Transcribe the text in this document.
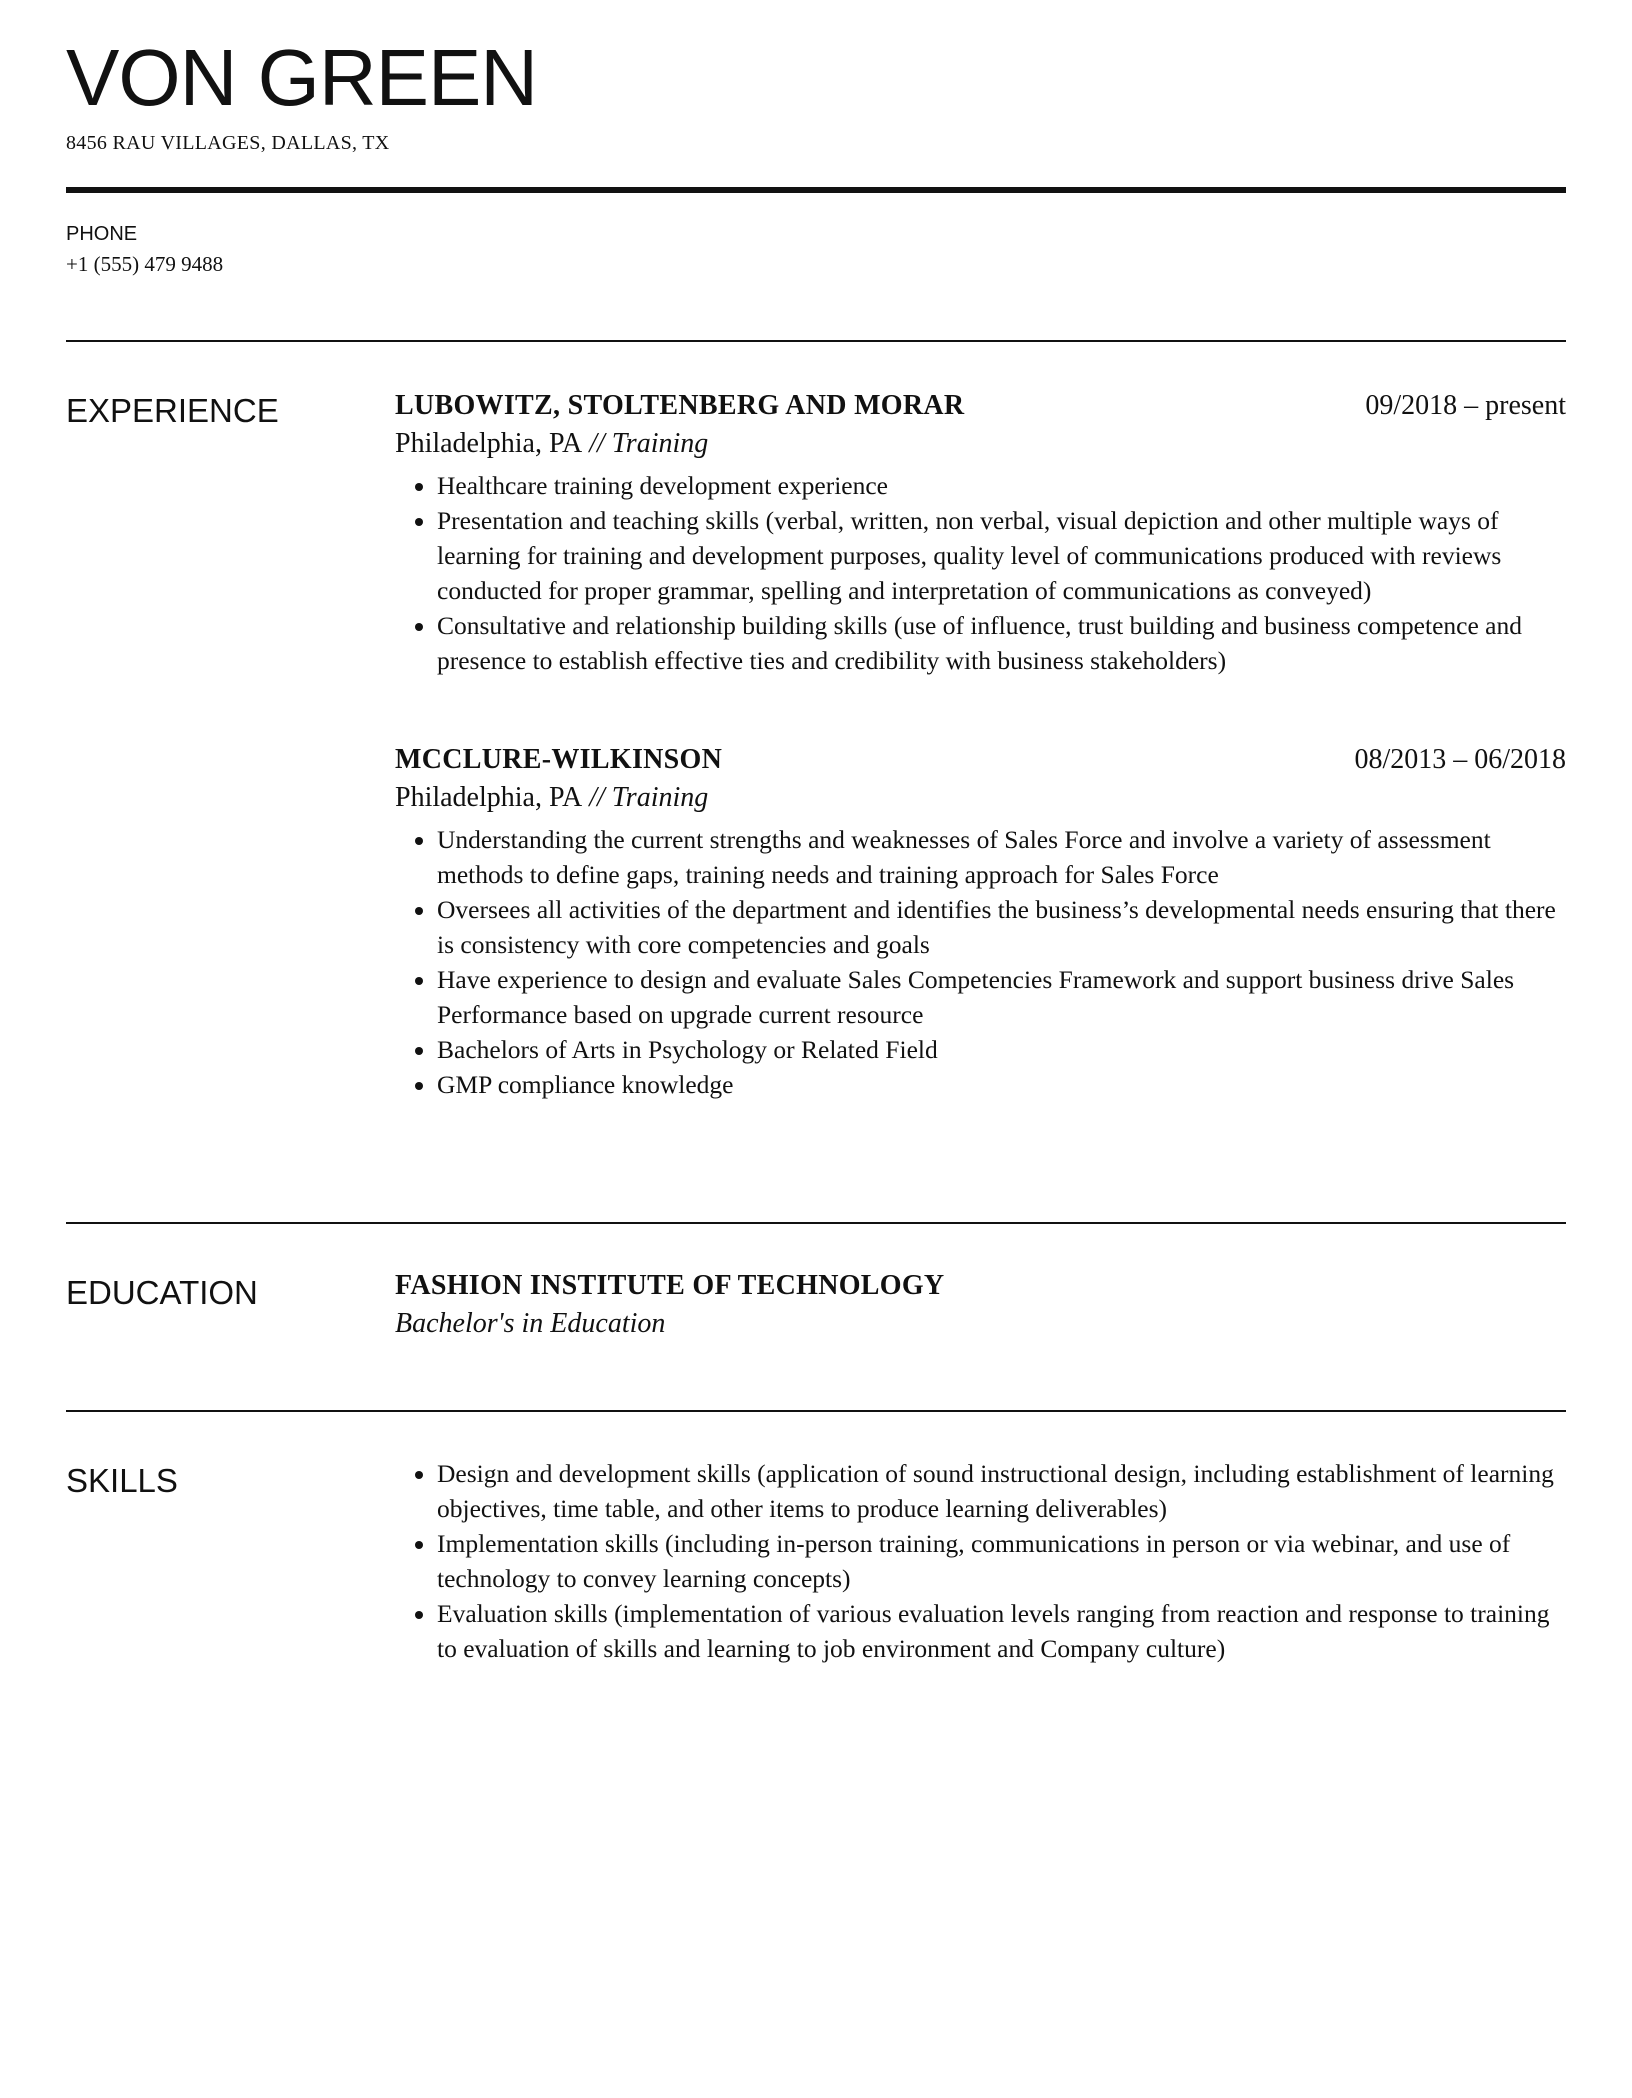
VON GREEN
8456 RAU VILLAGES, DALLAS, TX
PHONE
+1 (555) 479 9488
EXPERIENCE	LUBOWITZ, STOLTENBERG AND MORAR	09/2018 – present
Philadelphia, PA // Training
• Healthcare training development experience
• Presentation and teaching skills (verbal, written, non verbal, visual depiction and other multiple ways of learning for training and development purposes, quality level of communications produced with reviews conducted for proper grammar, spelling and interpretation of communications as conveyed)
• Consultative and relationship building skills (use of influence, trust building and business competence and presence to establish effective ties and credibility with business stakeholders)
MCCLURE-WILKINSON	08/2013 – 06/2018
Philadelphia, PA // Training
• Understanding the current strengths and weaknesses of Sales Force and involve a variety of assessment methods to define gaps, training needs and training approach for Sales Force
• Oversees all activities of the department and identifies the business’s developmental needs ensuring that there is consistency with core competencies and goals
• Have experience to design and evaluate Sales Competencies Framework and support business drive Sales Performance based on upgrade current resource
• Bachelors of Arts in Psychology or Related Field
• GMP compliance knowledge
EDUCATION	FASHION INSTITUTE OF TECHNOLOGY
Bachelor's in Education
SKILLS
•	Design and development skills (application of sound instructional design, including establishment of learning objectives, time table, and other items to produce learning deliverables)
• Implementation skills (including in-person training, communications in person or via webinar, and use of technology to convey learning concepts)
• Evaluation skills (implementation of various evaluation levels ranging from reaction and response to training to evaluation of skills and learning to job environment and Company culture)
